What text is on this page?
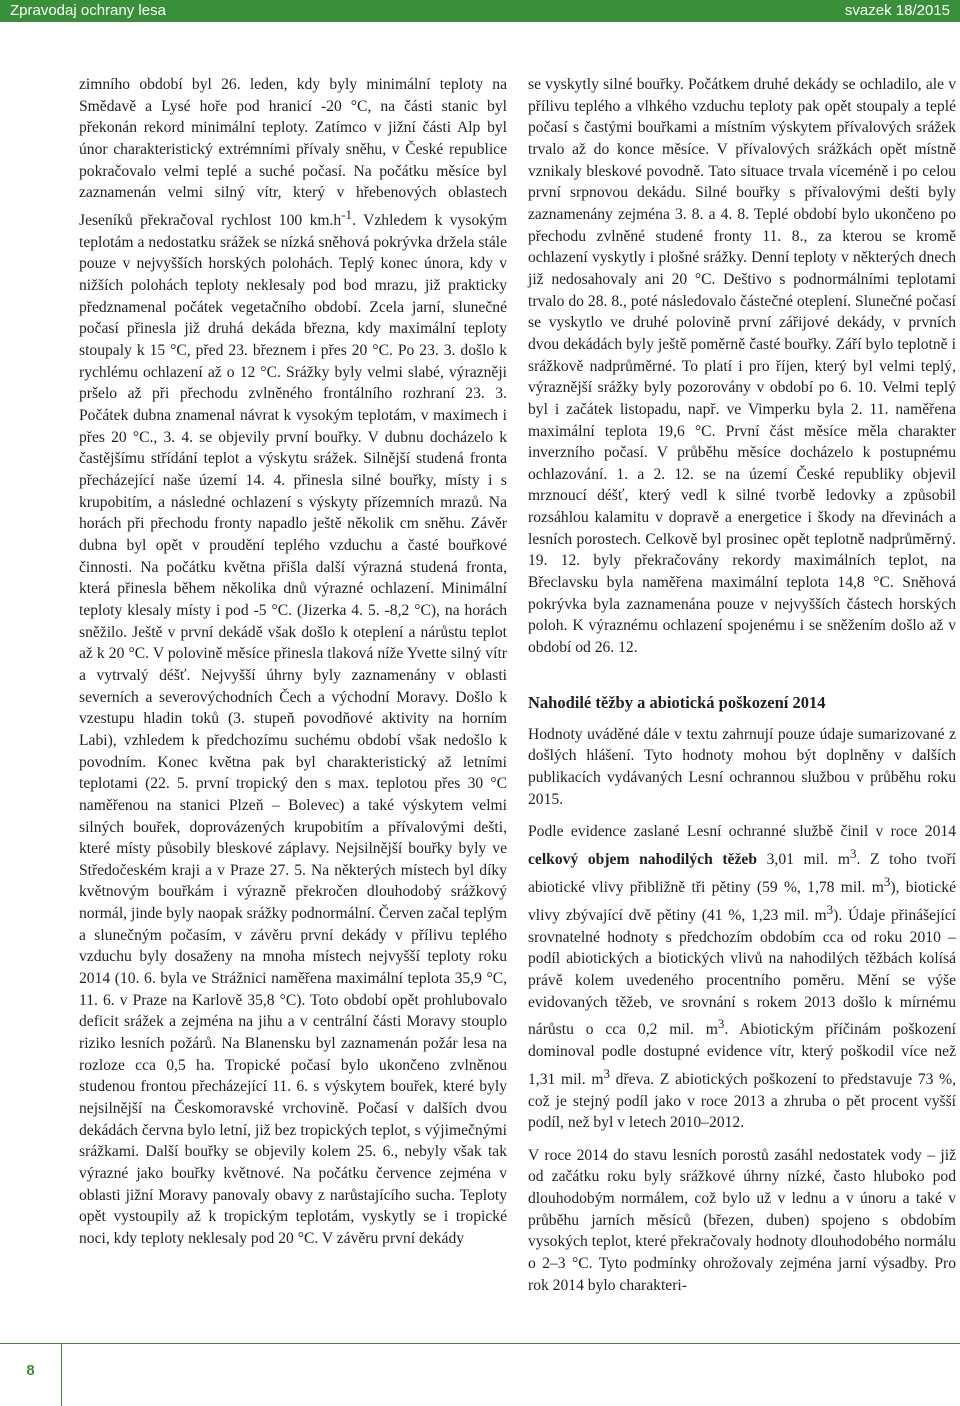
Zpravodaj ochrany lesa	svazek 18/2015

zimního období byl 26. leden, kdy byly minimální teploty na Smědavě a Lysé hoře pod hranicí -20 °C, na části stanic byl překonán rekord minimální teploty. Zatímco v jižní části Alp byl únor charakteristický extrémními přívaly sněhu, v České republice pokračovalo velmi teplé a suché počasí. Na počátku měsíce byl zaznamenán velmi silný vítr, který v hřebenových oblastech Jeseníků překračoval rychlost 100 $km.h^{-1}$. Vzhledem k vysokým teplotám a nedostatku srážek se nízká sněhová pokrývka držela stále pouze v nejvyšších horských polohách. Teplý konec února, kdy v nižších polohách teploty neklesaly pod bod mrazu, již prakticky předznamenal počátek vegetačního období. Zcela jarní, slunečné počasí přinesla již druhá dekáda března, kdy maximální teploty stoupaly k 15 °C, před 23. březnem i přes 20 °C. Po 23. 3. došlo k rychlému ochlazení až o 12 °C. Srážky byly velmi slabé, výrazněji pršelo až při přechodu zvlněného frontálního rozhraní 23. 3. Počátek dubna znamenal návrat k vysokým teplotám, v maximech i přes 20 °C., 3. 4. se objevily první bouřky. V dubnu docházelo k častějšímu střídání teplot a výskytu srážek. Silnější studená fronta přecházející naše území 14. 4. přinesla silné bouřky, místy i s krupobitím, a následné ochlazení s výskyty přízemních mrazů. Na horách při přechodu fronty napadlo ještě několik cm sněhu. Závěr dubna byl opět v proudění teplého vzduchu a časté bouřkové činnosti. Na počátku května přišla další výrazná studená fronta, která přinesla během několika dnů výrazné ochlazení. Minimální teploty klesaly místy i pod -5 °C. (Jizerka 4. 5. -8,2 °C), na horách sněžilo. Ještě v první dekádě však došlo k oteplení a nárůstu teplot až k 20 °C. V polovině měsíce přinesla tlaková níže Yvette silný vítr a vytrvalý déšť. Nejvyšší úhrny byly zaznamenány v oblasti severních a severovýchodních Čech a východní Moravy. Došlo k vzestupu hladin toků (3. stupeň povodňové aktivity na horním Labi), vzhledem k předchozímu suchému období však nedošlo k povodním. Konec května pak byl charakteristický až letními teplotami (22. 5. první tropický den s max. teplotou přes 30 °C naměřenou na stanici Plzeň – Bolevec) a také výskytem velmi silných bouřek, doprovázených krupobitím a přívalovými dešti, které místy působily bleskové záplavy. Nejsilnější bouřky byly ve Středočeském kraji a v Praze 27. 5. Na některých místech byl díky květnovým bouřkám i výrazně překročen dlouhodobý srážkový normál, jinde byly naopak srážky podnormální. Červen začal teplým a slunečným počasím, v závěru první dekády v přílivu teplého vzduchu byly dosaženy na mnoha místech nejvyšší teploty roku 2014 (10. 6. byla ve Strážnici naměřena maximální teplota 35,9 °C, 11. 6. v Praze na Karlově 35,8 °C). Toto období opět prohlubovalo deficit srážek a zejména na jihu a v centrální části Moravy stouplo riziko lesních požárů. Na Blanensku byl zaznamenán požár lesa na rozloze cca 0,5 ha. Tropické počasí bylo ukončeno zvlněnou studenou frontou přecházející 11. 6. s výskytem bouřek, které byly nejsilnější na Českomoravské vrchovině. Počasí v dalších dvou dekádách června bylo letní, již bez tropických teplot, s výjimečnými srážkami. Další bouřky se objevily kolem 25. 6., nebyly však tak výrazné jako bouřky květnové. Na počátku července zejména v oblasti jižní Moravy panovaly obavy z narůstajícího sucha. Teploty opět vystoupily až k tropickým teplotám, vyskytly se i tropické noci, kdy teploty neklesaly pod 20 °C. V závěru první dekády

se vyskytly silné bouřky. Počátkem druhé dekády se ochladilo, ale v přílivu teplého a vlhkého vzduchu teploty pak opět stoupaly a teplé počasí s častými bouřkami a místním výskytem přívalových srážek trvalo až do konce měsíce. V přívalových srážkách opět místně vznikaly bleskové povodně. Tato situace trvala víceméně i po celou první srpnovou dekádu. Silné bouřky s přívalovými dešti byly zaznamenány zejména 3. 8. a 4. 8. Teplé období bylo ukončeno po přechodu zvlněné studené fronty 11. 8., za kterou se kromě ochlazení vyskytly i plošné srážky. Denní teploty v některých dnech již nedosahovaly ani 20 °C. Deštivo s podnormálními teplotami trvalo do 28. 8., poté následovalo částečné oteplení. Slunečné počasí se vyskytlo ve druhé polovině první zářijové dekády, v prvních dvou dekádách byly ještě poměrně časté bouřky. Září bylo teplotně i srážkově nadprůměrné. To platí i pro říjen, který byl velmi teplý, výraznější srážky byly pozorovány v období po 6. 10. Velmi teplý byl i začátek listopadu, např. ve Vimperku byla 2. 11. naměřena maximální teplota 19,6 °C. První část měsíce měla charakter inverzního počasí. V průběhu měsíce docházelo k postupnému ochlazování. 1. a 2. 12. se na území České republiky objevil mrznoucí déšť, který vedl k silné tvorbě ledovky a způsobil rozsáhlou kalamitu v dopravě a energetice i škody na dřevinách a lesních porostech. Celkově byl prosinec opět teplotně nadprůměrný. 19. 12. byly překračovány rekordy maximálních teplot, na Břeclavsku byla naměřena maximální teplota 14,8 °C. Sněhová pokrývka byla zaznamenána pouze v nejvyšších částech horských poloh. K výraznému ochlazení spojenému i se sněžením došlo až v období od 26. 12.

Nahodilé těžby a abiotická poškození 2014

Hodnoty uváděné dále v textu zahrnují pouze údaje sumarizované z došlých hlášení. Tyto hodnoty mohou být doplněny v dalších publikacích vydávaných Lesní ochrannou službou v průběhu roku 2015.

Podle evidence zaslané Lesní ochranné službě činil v roce 2014 celkový objem nahodilých těžeb 3,01 mil. $m^3$. Z toho tvoří abiotické vlivy přibližně tři pětiny (59 %, 1,78 mil. $m^3$), biotické vlivy zbývající dvě pětiny (41 %, 1,23 mil. $m^3$). Údaje přinášející srovnatelné hodnoty s předchozím obdobím cca od roku 2010 – podíl abiotických a biotických vlivů na nahodilých těžbách kolísá právě kolem uvedeného procentního poměru. Mění se výše evidovaných těžeb, ve srovnání s rokem 2013 došlo k mírnému nárůstu o cca 0,2 mil. $m^3$. Abiotickým příčinám poškození dominoval podle dostupné evidence vítr, který poškodil více než 1,31 mil. $m^3$ dřeva. Z abiotických poškození to představuje 73 %, což je stejný podíl jako v roce 2013 a zhruba o pět procent vyšší podíl, než byl v letech 2010–2012.

V roce 2014 do stavu lesních porostů zasáhl nedostatek vody – již od začátku roku byly srážkové úhrny nízké, často hluboko pod dlouhodobým normálem, což bylo už v lednu a v únoru a také v průběhu jarních měsíců (březen, duben) spojeno s obdobím vysokých teplot, které překračovaly hodnoty dlouhodobého normálu o 2–3 °C. Tyto podmínky ohrožovaly zejména jarní výsadby. Pro rok 2014 bylo charakteri-

8
